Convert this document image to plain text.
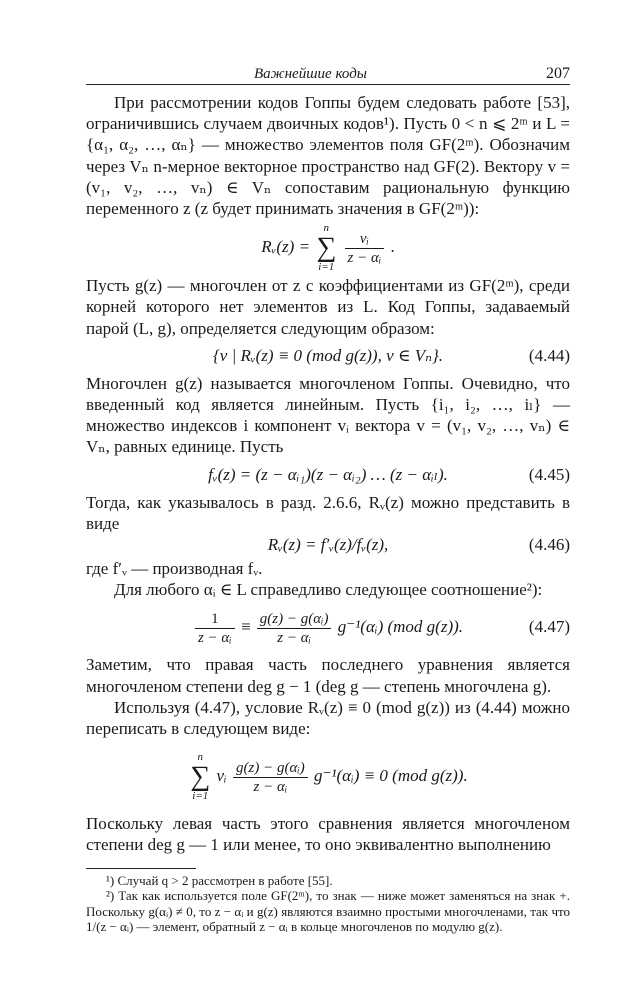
Важнейшие коды	207

При рассмотрении кодов Гоппы будем следовать работе [53], ограничившись случаем двоичных кодов¹). Пусть 0 < n ⩽ 2ᵐ и L = {α₁, α₂, …, αₙ} — множество элементов поля GF(2ᵐ). Обозначим через Vₙ n-мерное векторное пространство над GF(2). Вектору v = (v₁, v₂, …, vₙ) ∈ Vₙ сопоставим рациональную функцию переменного z (z будет принимать значения в GF(2ᵐ)):

Rᵥ(z) =
n
∑
i=1

$\frac{\text{vᵢ}}{\text{z − αᵢ}}$ .

Пусть g(z) — многочлен от z с коэффициентами из GF(2ᵐ), среди корней которого нет элементов из L. Код Гоппы, задаваемый парой (L, g), определяется следующим образом:

{v | Rᵥ(z) ≡ 0 (mod g(z)), v ∈ Vₙ}.	(4.44)

Многочлен g(z) называется многочленом Гоппы. Очевидно, что введенный код является линейным. Пусть {i₁, i₂, …, iₗ} — множество индексов i компонент vᵢ вектора v = (v₁, v₂, …, vₙ) ∈ Vₙ, равных единице. Пусть

fᵥ(z) = (z − αᵢ₁)(z − αᵢ₂) … (z − αᵢₗ).	(4.45)

Тогда, как указывалось в разд. 2.6.6, Rᵥ(z) можно представить в виде

Rᵥ(z) = f′ᵥ(z)/fᵥ(z),	(4.46)

где f′ᵥ — производная fᵥ.

Для любого αᵢ ∈ L справедливо следующее соотношение²):

$\frac{1}{\text{z − αᵢ}} \equiv \frac{\text{g(z) − g(αᵢ)}}{\text{z − αᵢ}}$ g⁻¹(αᵢ) (mod g(z)).	(4.47)

Заметим, что правая часть последнего уравнения является многочленом степени deg g − 1 (deg g — степень многочлена g).

Используя (4.47), условие Rᵥ(z) ≡ 0 (mod g(z)) из (4.44) можно переписать в следующем виде:

n
∑
i=1
vᵢ $\frac{\text{g(z) − g(αᵢ)}}{\text{z − αᵢ}}$ g⁻¹(αᵢ) ≡ 0 (mod g(z)).

Поскольку левая часть этого сравнения является многочленом степени deg g — 1 или менее, то оно эквивалентно выполнению

¹) Случай q > 2 рассмотрен в работе [55].

²) Так как используется поле GF(2ᵐ), то знак — ниже может заменяться на знак +. Поскольку g(αᵢ) ≠ 0, то z − αᵢ и g(z) являются взаимно простыми многочленами, так что 1/(z − αᵢ) — элемент, обратный z − αᵢ в кольце многочленов по модулю g(z).
